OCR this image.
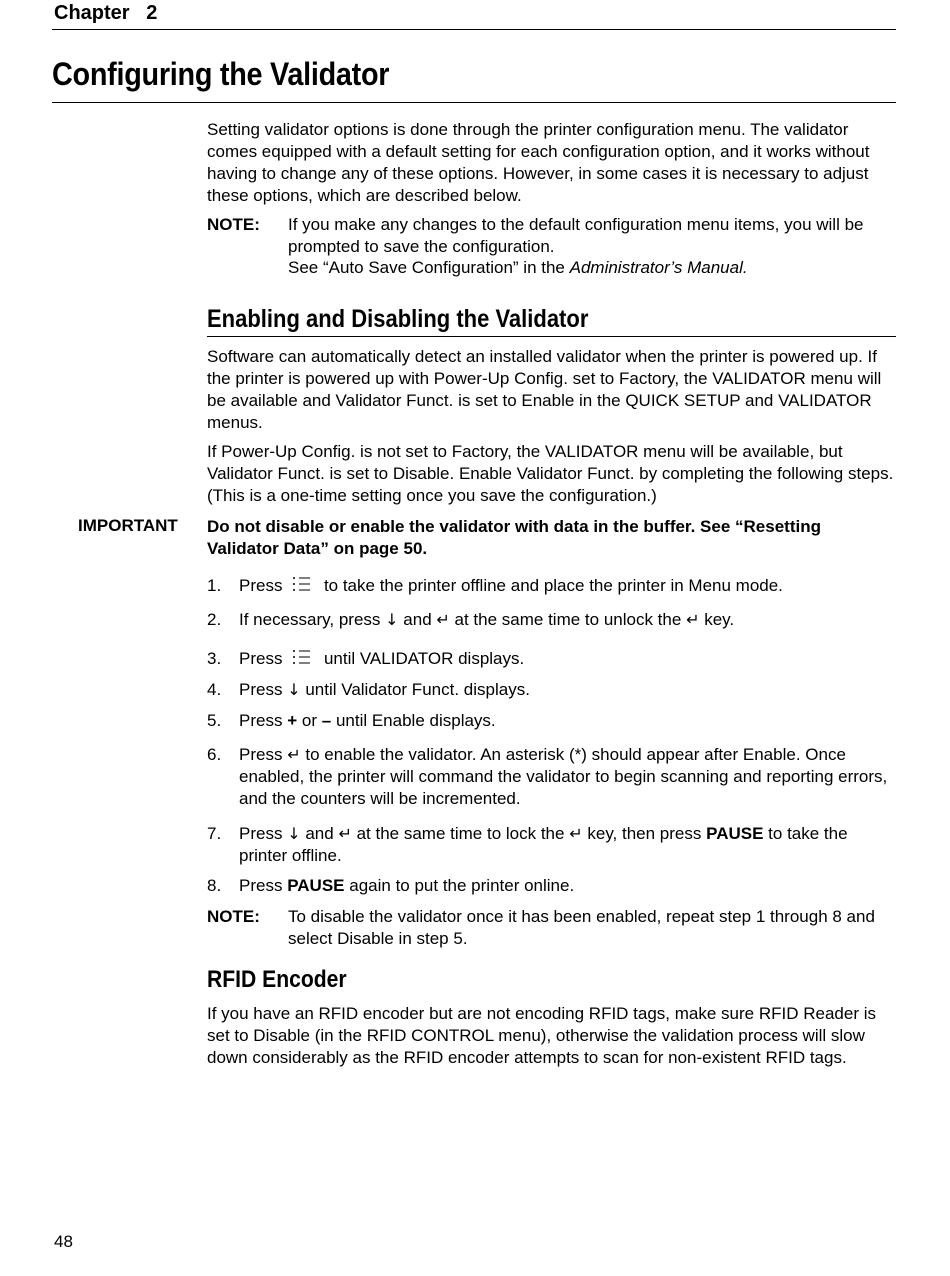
Chapter   2
Configuring the Validator

Setting validator options is done through the printer configuration menu. The validator comes equipped with a default setting for each configuration option, and it works without having to change any of these options. However, in some cases it is necessary to adjust these options, which are described below.

NOTE: If you make any changes to the default configuration menu items, you will be prompted to save the configuration.
See “Auto Save Configuration” in the Administrator’s Manual.
Enabling and Disabling the Validator

Software can automatically detect an installed validator when the printer is powered up. If the printer is powered up with Power-Up Config. set to Factory, the VALIDATOR menu will be available and Validator Funct. is set to Enable in the QUICK SETUP and VALIDATOR menus.

If Power-Up Config. is not set to Factory, the VALIDATOR menu will be available, but Validator Funct. is set to Disable. Enable Validator Funct. by completing the following steps. (This is a one-time setting once you save the configuration.)

IMPORTANT Do not disable or enable the validator with data in the buffer. See “Resetting Validator Data” on page 50.
1. Press to take the printer offline and place the printer in Menu mode.
2. If necessary, press ↓ and ↵ at the same time to unlock the ↵ key.
3. Press until VALIDATOR displays.
4. Press ↓ until Validator Funct. displays.
5. Press + or – until Enable displays.
6. Press ↵ to enable the validator. An asterisk (*) should appear after Enable. Once enabled, the printer will command the validator to begin scanning and reporting errors, and the counters will be incremented.
7. Press ↓ and ↵ at the same time to lock the ↵ key, then press PAUSE to take the printer offline.
8. Press PAUSE again to put the printer online.
NOTE: To disable the validator once it has been enabled, repeat step 1 through 8 and select Disable in step 5.
RFID Encoder

If you have an RFID encoder but are not encoding RFID tags, make sure RFID Reader is set to Disable (in the RFID CONTROL menu), otherwise the validation process will slow down considerably as the RFID encoder attempts to scan for non-existent RFID tags.

48
